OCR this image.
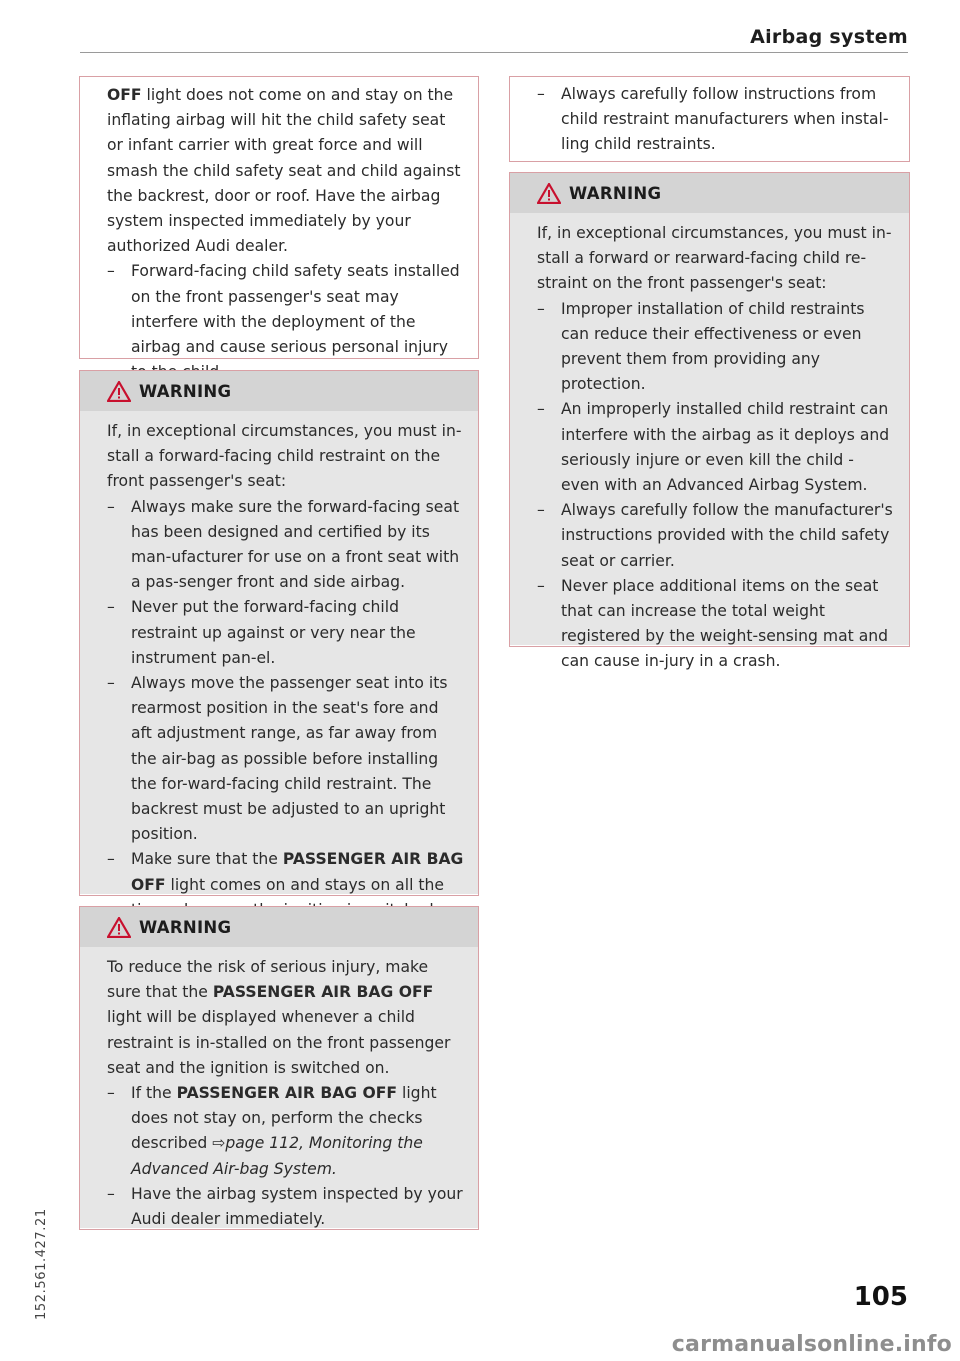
Airbag system

OFF light does not come on and stay on the inflating airbag will hit the child safety seat or infant carrier with great force and will smash the child safety seat and child against the backrest, door or roof. Have the airbag system inspected immediately by your authorized Audi dealer.

– Forward-facing child safety seats installed on the front passenger's seat may interfere with the deployment of the airbag and cause serious personal injury
WARNING

If, in exceptional circumstances, you must in-stall a forward-facing child restraint on the front passenger's seat:

– Always make sure the forward-facing seat has been designed and certified by its man-ufacturer for use on a front seat with a pas-senger front and side airbag.
– Never put the forward-facing child restraint up against or very near the instrument pan-el.
– Always move the passenger seat into its rearmost position in the seat's fore and aft adjustment range, as far away from the air-bag as possible before installing the for-ward-facing child restraint. The backrest must be adjusted to an upright position.
– Make sure that the PASSENGER AIR BAG OFF light comes on and stays on all the
WARNING

To reduce the risk of serious injury, make sure that the PASSENGER AIR BAG OFF light will be displayed whenever a child restraint is in-stalled on the front passenger seat and the ignition is switched on.

– If the PASSENGER AIR BAG OFF light does not stay on, perform the checks described ⇨page 112, Monitoring the Advanced Air-bag System.
– Have the airbag system inspected by your Audi dealer immediately.
– Always carefully follow instructions from child restraint manufacturers when instal-ling child restraints.
WARNING

If, in exceptional circumstances, you must in-stall a forward or rearward-facing child re-straint on the front passenger's seat:

– Improper installation of child restraints can reduce their effectiveness or even prevent them from providing any protection.
– An improperly installed child restraint can interfere with the airbag as it deploys and seriously injure or even kill the child - even with an Advanced Airbag System.
– Always carefully follow the manufacturer's instructions provided with the child safety seat or carrier.
– Never place additional items on the seat that can increase the total weight registered by the weight-sensing mat and can cause in-jury in a crash.
152.561.427.21	105
carmanualsonline.info
